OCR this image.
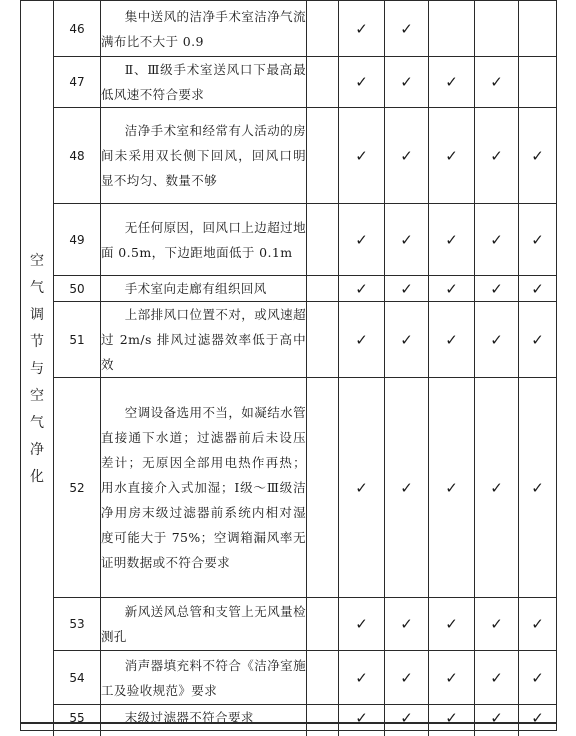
空气调节与空气净化	46	集中送风的洁净手术室洁净气流满布比不大于 0.9		✓	✓			
	47	Ⅱ、Ⅲ级手术室送风口下最高最低风速不符合要求		✓	✓	✓	✓	
	48	洁净手术室和经常有人活动的房间未采用双长侧下回风，回风口明显不均匀、数量不够		✓	✓	✓	✓	✓
	49	无任何原因，回风口上边超过地面 0.5m，下边距地面低于 0.1m		✓	✓	✓	✓	✓
	50	手术室向走廊有组织回风		✓	✓	✓	✓	✓
	51	上部排风口位置不对，或风速超过 2m/s 排风过滤器效率低于高中效		✓	✓	✓	✓	✓
	52	空调设备选用不当，如凝结水管直接通下水道；过滤器前后未设压差计；无原因全部用电热作再热；用水直接介入式加湿；Ⅰ级～Ⅲ级洁净用房末级过滤器前系统内相对湿度可能大于 75%；空调箱漏风率无证明数据或不符合要求		✓	✓	✓	✓	✓
	53	新风送风总管和支管上无风量检测孔		✓	✓	✓	✓	✓
	54	消声器填充料不符合《洁净室施工及验收规范》要求		✓	✓	✓	✓	✓
	55	末级过滤器不符合要求		✓	✓	✓	✓	✓
